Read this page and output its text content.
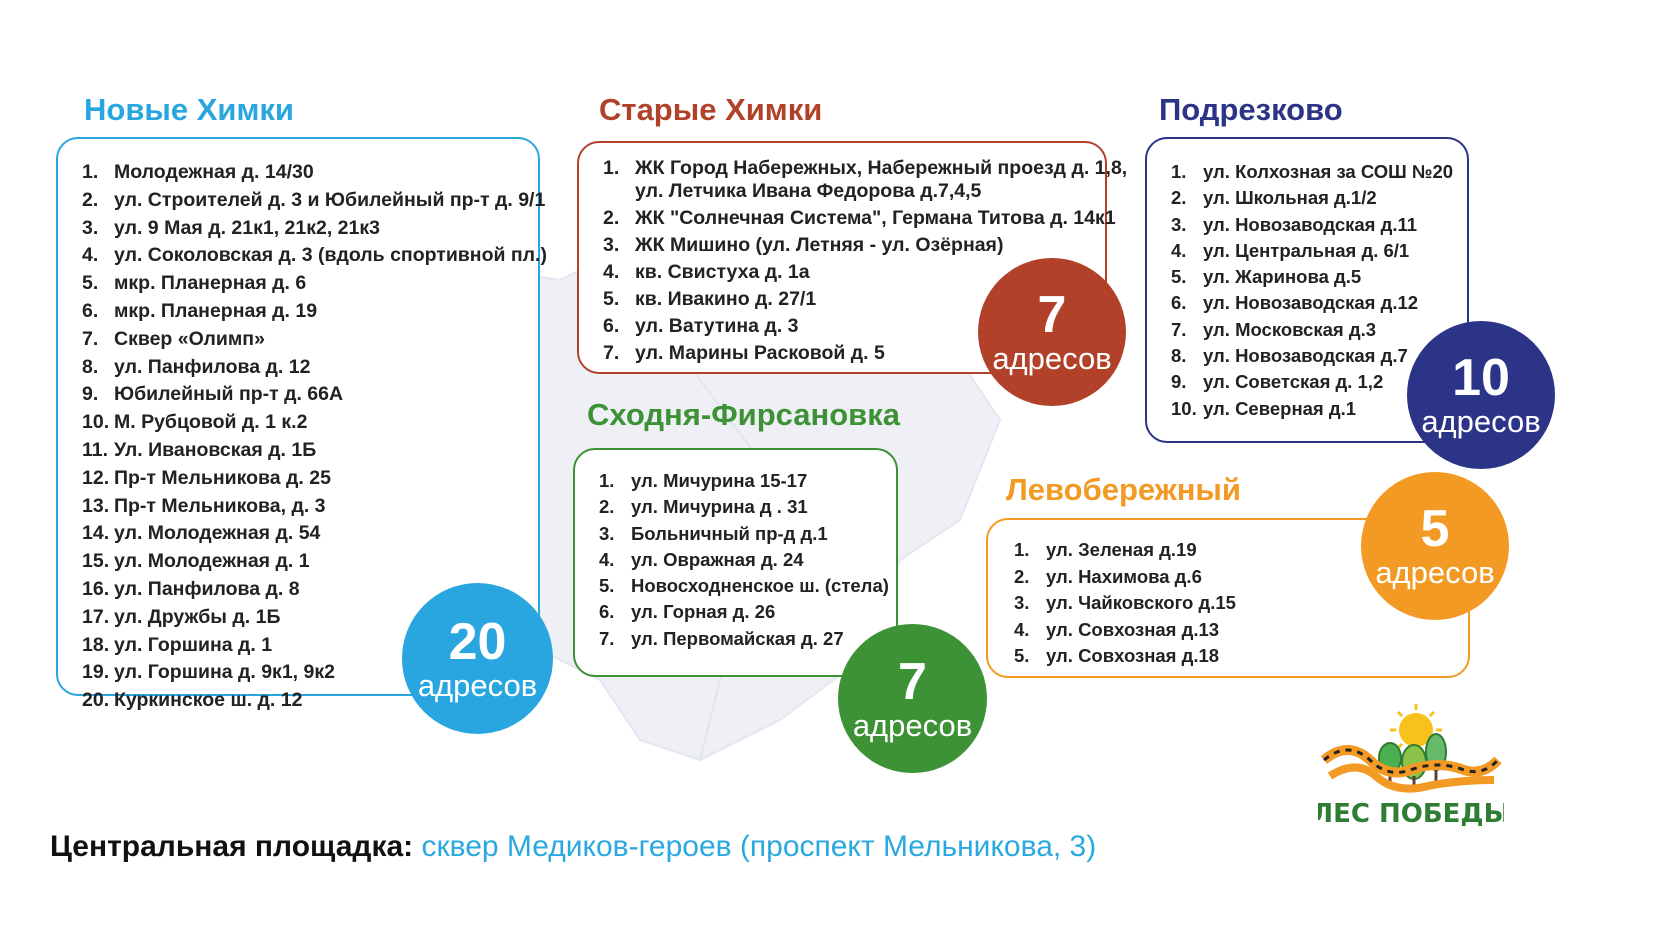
Новые Химки
1. Молодежная д. 14/30
2. ул. Строителей д. 3 и Юбилейный пр-т д. 9/1
3. ул. 9 Мая д. 21к1, 21к2, 21к3
4. ул. Соколовская д. 3 (вдоль спортивной пл.)
5. мкр. Планерная д. 6
6. мкр. Планерная д. 19
7. Сквер «Олимп»
8. ул. Панфилова д. 12
9. Юбилейный пр-т д. 66А
10. М. Рубцовой д. 1 к.2
11. Ул. Ивановская д. 1Б
12. Пр-т Мельникова д. 25
13. Пр-т Мельникова, д. 3
14. ул. Молодежная д. 54
15. ул. Молодежная д. 1
16. ул. Панфилова д. 8
17. ул. Дружбы д. 1Б
18. ул. Горшина д. 1
19. ул. Горшина д. 9к1, 9к2
20. Куркинское ш. д. 12
20
адресов
Старые Химки
1. ЖК Город Набережных, Набережный проезд д. 1,8,
ул. Летчика Ивана Федорова д.7,4,5
2. ЖК "Солнечная Система", Германа Титова д. 14к1
3. ЖК Мишино (ул. Летняя - ул. Озёрная)
4. кв. Свистуха д. 1а
5. кв. Ивакино д. 27/1
6. ул. Ватутина д. 3
7. ул. Марины Расковой д. 5
7
адресов
Подрезково
1. ул. Колхозная за СОШ №20
2. ул. Школьная д.1/2
3. ул. Новозаводская д.11
4. ул. Центральная д. 6/1
5. ул. Жаринова д.5
6. ул. Новозаводская д.12
7. ул. Московская д.3
8. ул. Новозаводская д.7
9. ул. Советская д. 1,2
10. ул. Северная д.1
10
адресов
Сходня-Фирсановка
1. ул. Мичурина 15-17
2. ул. Мичурина д . 31
3. Больничный пр-д д.1
4. ул. Овражная д. 24
5. Новосходненское ш. (стела)
6. ул. Горная д. 26
7. ул. Первомайская д. 27
7
адресов
Левобережный
1. ул. Зеленая д.19
2. ул. Нахимова д.6
3. ул. Чайковского д.15
4. ул. Совхозная д.13
5. ул. Совхозная д.18
5
адресов
Центральная площадка: сквер Медиков-героев (проспект Мельникова, 3)
ЛЕС ПОБЕДЫ
